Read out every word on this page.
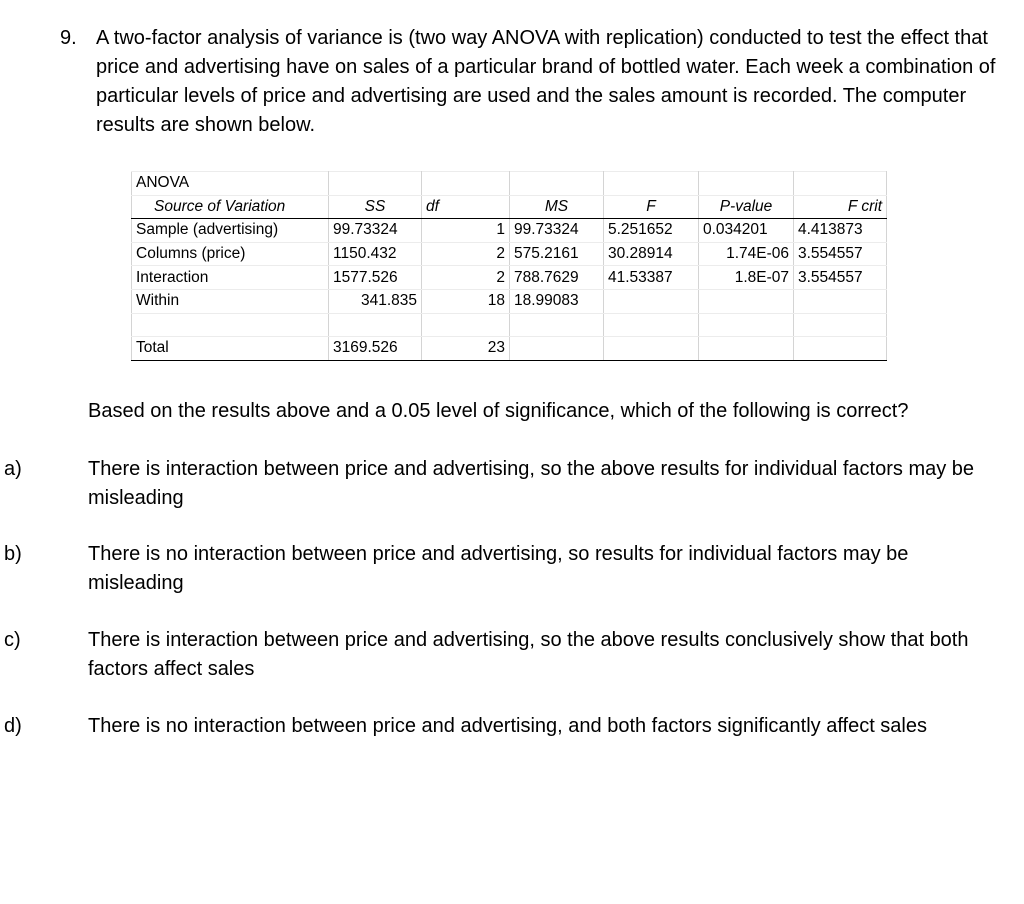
9. A two-factor analysis of variance is (two way ANOVA with replication) conducted to test the effect that price and advertising have on sales of a particular brand of bottled water. Each week a combination of particular levels of price and advertising are used and the sales amount is recorded. The computer results are shown below.
ANOVA						
Source of Variation	SS	df	MS	F	P-value	F crit
Sample (advertising)	99.73324	1	99.73324	5.251652	0.034201	4.413873
Columns (price)	1150.432	2	575.2161	30.28914	1.74E-06	3.554557
Interaction	1577.526	2	788.7629	41.53387	1.8E-07	3.554557
Within	341.835	18	18.99083			

Total	3169.526	23				
Based on the results above and a 0.05 level of significance, which of the following is correct?
a)	There is interaction between price and advertising, so the above results for individual factors may be misleading
b)	There is no interaction between price and advertising, so results for individual factors may be misleading
c)	There is interaction between price and advertising, so the above results conclusively show that both factors affect sales
d)	There is no interaction between price and advertising, and both factors significantly affect sales
